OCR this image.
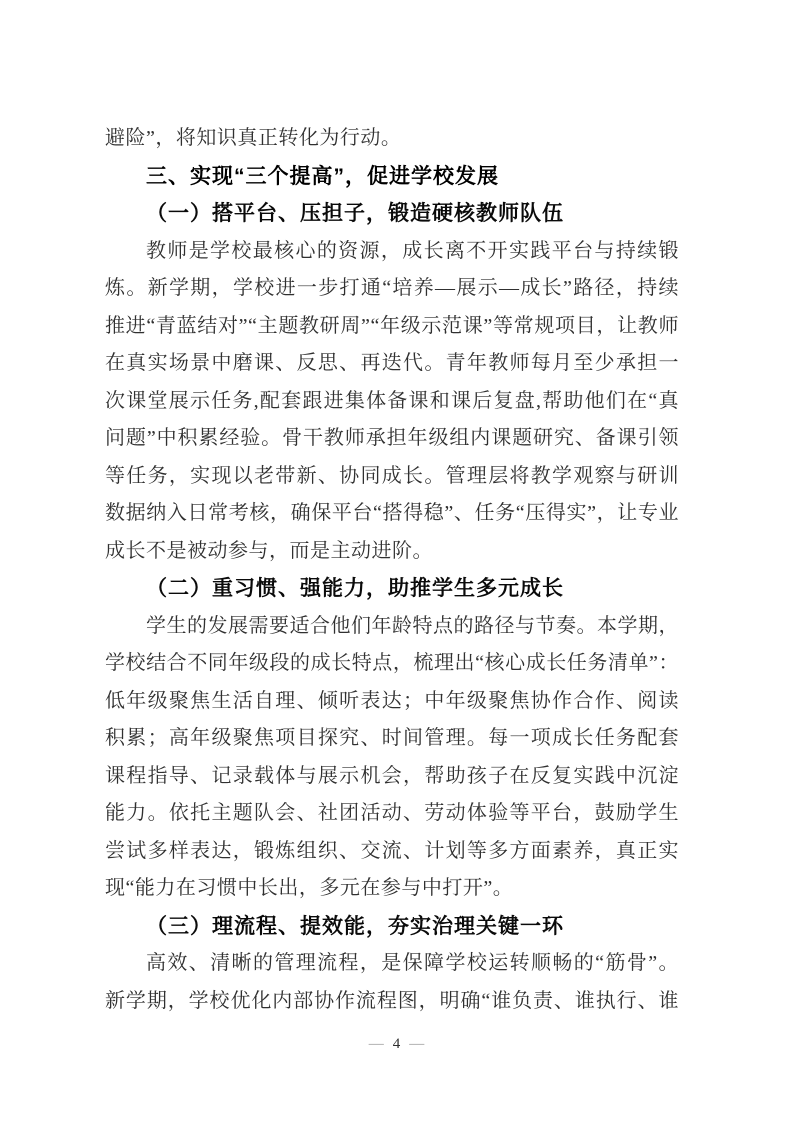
避险”，将知识真正转化为行动。
三、实现“三个提高”，促进学校发展
（一）搭平台、压担子，锻造硬核教师队伍
教师是学校最核心的资源，成长离不开实践平台与持续锻
炼。新学期，学校进一步打通“培养—展示—成长”路径，持续
推进“青蓝结对”“主题教研周”“年级示范课”等常规项目，让教师
在真实场景中磨课、反思、再迭代。青年教师每月至少承担一
次课堂展示任务,配套跟进集体备课和课后复盘,帮助他们在“真
问题”中积累经验。骨干教师承担年级组内课题研究、备课引领
等任务，实现以老带新、协同成长。管理层将教学观察与研训
数据纳入日常考核，确保平台“搭得稳”、任务“压得实”，让专业
成长不是被动参与，而是主动进阶。
（二）重习惯、强能力，助推学生多元成长
学生的发展需要适合他们年龄特点的路径与节奏。本学期，
学校结合不同年级段的成长特点，梳理出“核心成长任务清单”：
低年级聚焦生活自理、倾听表达；中年级聚焦协作合作、阅读
积累；高年级聚焦项目探究、时间管理。每一项成长任务配套
课程指导、记录载体与展示机会，帮助孩子在反复实践中沉淀
能力。依托主题队会、社团活动、劳动体验等平台，鼓励学生
尝试多样表达，锻炼组织、交流、计划等多方面素养，真正实
现“能力在习惯中长出，多元在参与中打开”。
（三）理流程、提效能，夯实治理关键一环
高效、清晰的管理流程，是保障学校运转顺畅的“筋骨”。
新学期，学校优化内部协作流程图，明确“谁负责、谁执行、谁
— 4 —
